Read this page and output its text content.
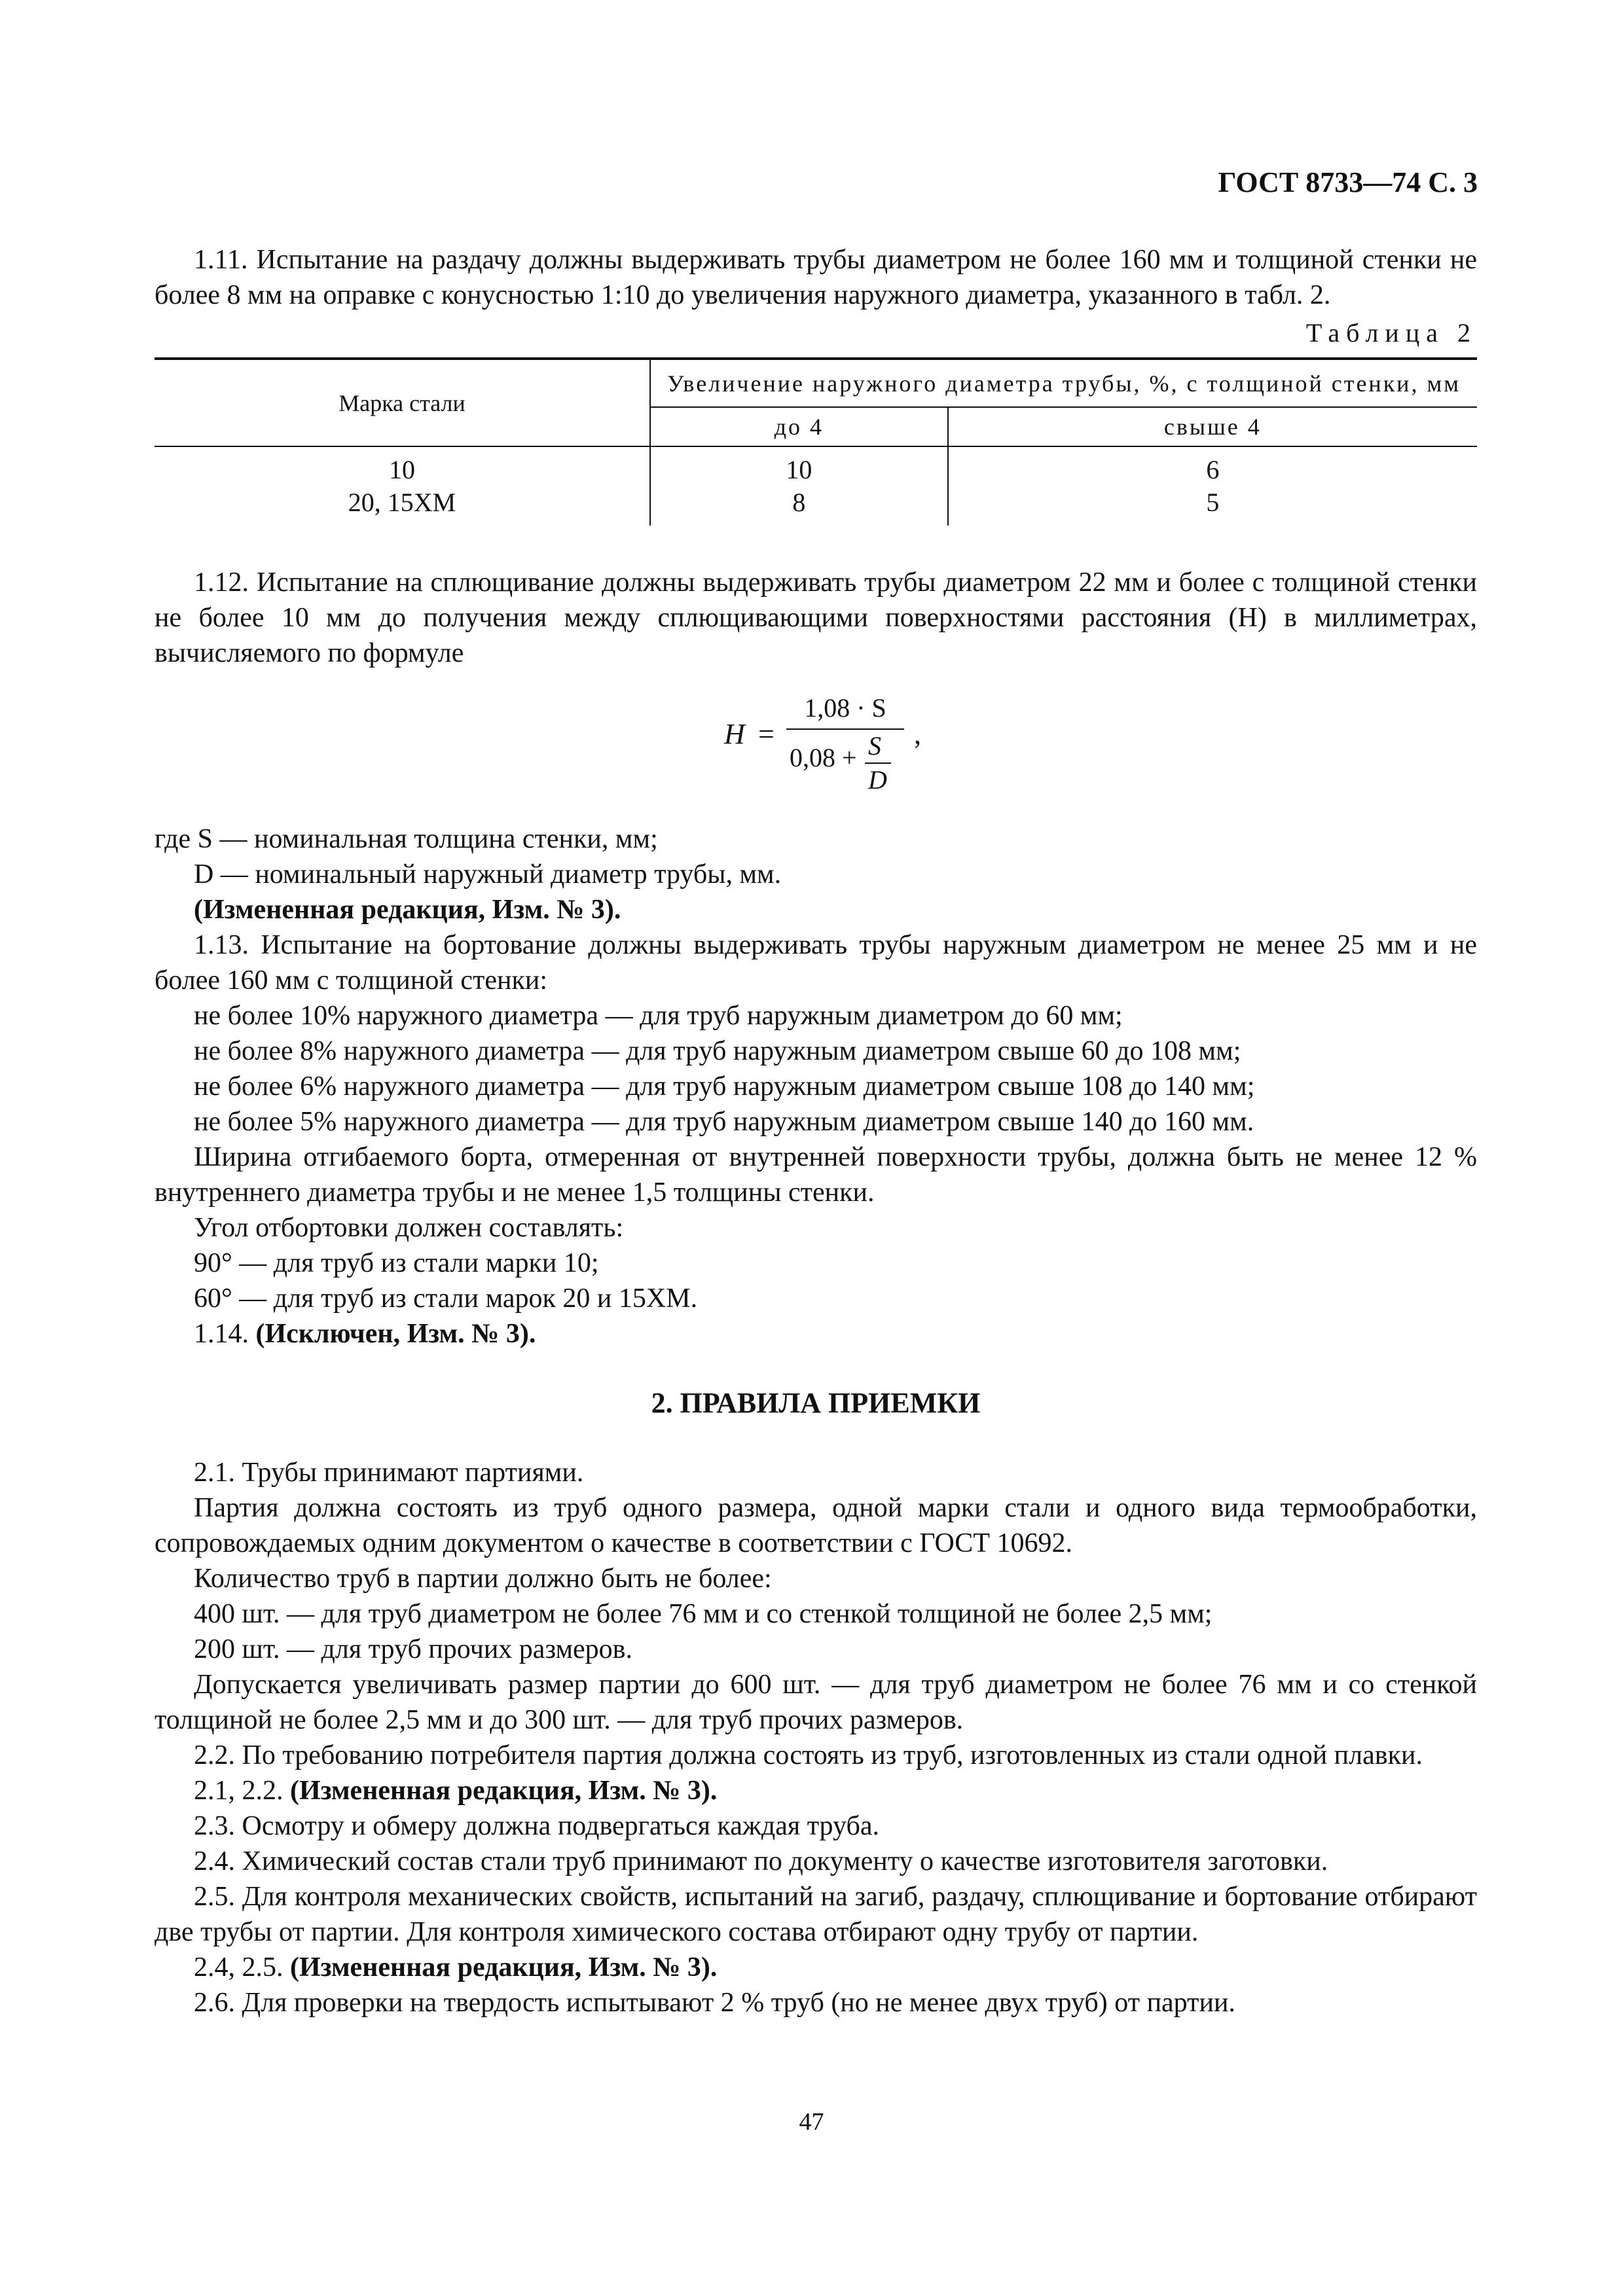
ГОСТ 8733—74 С. 3

1.11. Испытание на раздачу должны выдерживать трубы диаметром не более 160 мм и толщиной стенки не более 8 мм на оправке с конусностью 1:10 до увеличения наружного диаметра, указанного в табл. 2.

Таблица 2
Марка стали	Увеличение наружного диаметра трубы, %, с толщиной стенки, мм	
	до 4	свыше 4
10	10	6
20, 15ХМ	8	5

1.12. Испытание на сплющивание должны выдерживать трубы диаметром 22 мм и более с толщиной стенки не более 10 мм до получения между сплющивающими поверхностями расстояния (H) в миллиметрах, вычисляемого по формуле

H =
1,08 · S
0,08 + S
D
,

где S — номинальная толщина стенки, мм;

D — номинальный наружный диаметр трубы, мм.

(Измененная редакция, Изм. № 3).

1.13. Испытание на бортование должны выдерживать трубы наружным диаметром не менее 25 мм и не более 160 мм с толщиной стенки:

не более 10% наружного диаметра — для труб наружным диаметром до 60 мм;

не более 8% наружного диаметра — для труб наружным диаметром свыше 60 до 108 мм;

не более 6% наружного диаметра — для труб наружным диаметром свыше 108 до 140 мм;

не более 5% наружного диаметра — для труб наружным диаметром свыше 140 до 160 мм.

Ширина отгибаемого борта, отмеренная от внутренней поверхности трубы, должна быть не менее 12 % внутреннего диаметра трубы и не менее 1,5 толщины стенки.

Угол отбортовки должен составлять:

90° — для труб из стали марки 10;

60° — для труб из стали марок 20 и 15ХМ.

1.14. (Исключен, Изм. № 3).

2. ПРАВИЛА ПРИЕМКИ

2.1. Трубы принимают партиями.

Партия должна состоять из труб одного размера, одной марки стали и одного вида термообработки, сопровождаемых одним документом о качестве в соответствии с ГОСТ 10692.

Количество труб в партии должно быть не более:

400 шт. — для труб диаметром не более 76 мм и со стенкой толщиной не более 2,5 мм;

200 шт. — для труб прочих размеров.

Допускается увеличивать размер партии до 600 шт. — для труб диаметром не более 76 мм и со стенкой толщиной не более 2,5 мм и до 300 шт. — для труб прочих размеров.

2.2. По требованию потребителя партия должна состоять из труб, изготовленных из стали одной плавки.

2.1, 2.2. (Измененная редакция, Изм. № 3).

2.3. Осмотру и обмеру должна подвергаться каждая труба.

2.4. Химический состав стали труб принимают по документу о качестве изготовителя заготовки.

2.5. Для контроля механических свойств, испытаний на загиб, раздачу, сплющивание и бортование отбирают две трубы от партии. Для контроля химического состава отбирают одну трубу от партии.

2.4, 2.5. (Измененная редакция, Изм. № 3).

2.6. Для проверки на твердость испытывают 2 % труб (но не менее двух труб) от партии.

47
